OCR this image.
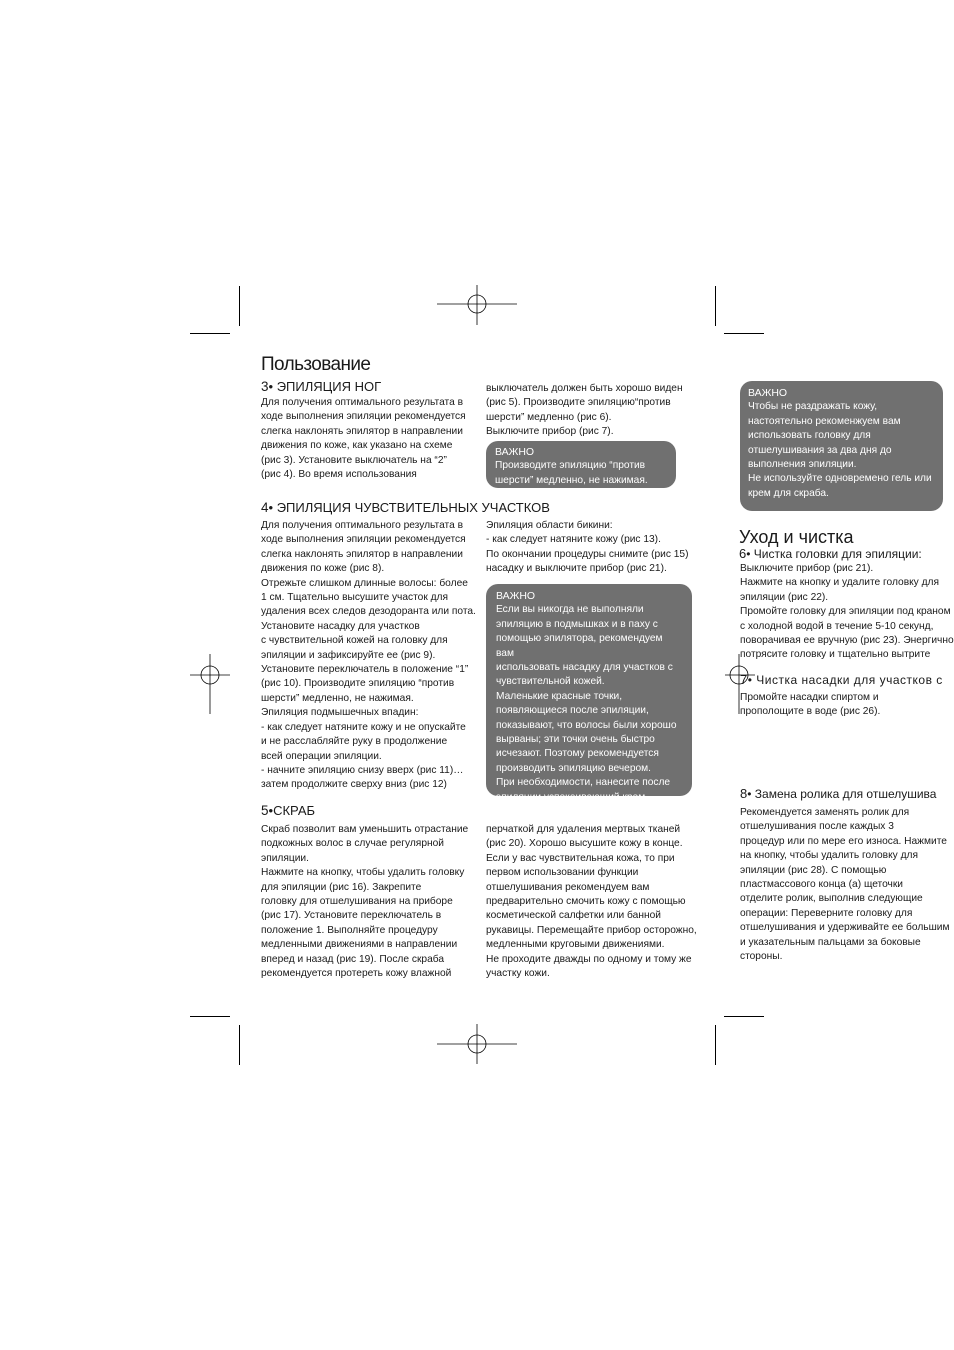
Пользование
3• ЭПИЛЯЦИЯ НОГ

Для получения оптимального результата в

ходе выполнения эпиляции рекомендуется

слегка наклонять эпилятор в направлении

движения по коже, как указано на схеме

(рис 3). Установите выключатель на “2”

(рис 4). Во время использования

выключатель должен быть хорошо виден

(рис 5). Производите эпиляцию“против

шерсти” медленно (рис 6).

Выключите прибор (рис 7).

ВАЖНО
Производите эпиляцию “против
шерсти” медленно, не нажимая.
4• ЭПИЛЯЦИЯ ЧУВСТВИТЕЛЬНЫХ УЧАСТКОВ

Для получения оптимального результата в

ходе выполнения эпиляции рекомендуется

слегка наклонять эпилятор в направлении

движения по коже (рис 8).

Отрежьте слишком длинные волосы: более

1 см. Тщательно высушите участок для

удаления всех следов дезодоранта или пота.

Установите насадку для участков

с чувствительной кожей на головку для

эпиляции и зафиксируйте ее (рис 9).

Установите переключатель в положение “1”

(рис 10). Производите эпиляцию “против

шерсти” медленно, не нажимая.

Эпиляция подмышечных впадин:

- как следует натяните кожу и не опускайте

и не расслабляйте руку в продолжение

всей операции эпиляции.

- начните эпиляцию снизу вверх (рис 11)…

затем продолжите сверху вниз (рис 12)

Эпиляция области бикини:

- как следует натяните кожу (рис 13).

По окончании процедуры снимите (рис 15)

насадку и выключите прибор (рис 21).

ВАЖНО
Если вы никогда не выполняли
эпиляцию в подмышках и в паху с
помощью эпилятора, рекомендуем вам
использовать насадку для участков с
чувствительной кожей.
Маленькие красные точки,
появляющиеся после эпиляции,
показывают, что волосы были хорошо
вырваны; эти точки очень быстро
исчезают. Поэтому рекомендуется
производить эпиляцию вечером.
При необходимости, нанесите после
эпиляции успокаивающий крем.
5•СКРАБ

Скраб позволит вам уменьшить отрастание

подкожных волос в случае регулярной

эпиляции.

Нажмите на кнопку, чтобы удалить головку

для эпиляции (рис 16). Закрепите

головку для отшелушивания на приборе

(рис 17). Установите переключатель в

положение 1. Выполняйте процедуру

медленными движениями в направлении

вперед и назад (рис 19). После скраба

рекомендуется протереть кожу влажной

перчаткой для удаления мертвых тканей

(рис 20). Хорошо высушите кожу в конце.

Если у вас чувствительная кожа, то при

первом использовании функции

отшелушивания рекомендуем вам

предварительно смочить кожу с помощью

косметической салфетки или банной

рукавицы. Перемещайте прибор осторожно,

медленными круговыми движениями.

Не проходите дважды по одному и тому же

участку кожи.

ВАЖНО
Чтобы не раздражать кожу,
настоятельно рекоменжуем вам
использовать головку для
отшелушивания за два дня до
выполнения эпиляции.
Не используйте одновремено гель или
крем для скраба.
Уход и чистка
6• Чистка головки для эпиляции:

Выключите прибор (рис 21).

Нажмите на кнопку и удалите головку для

эпиляции (рис 22).

Промойте головку для эпиляции под краном

с холодной водой в течение 5-10 секунд,

поворачивая ее вручную (рис 23). Энергично

потрясите головку и тщательно вытрите

7• Чистка насадки для участков с

Промойте насадки спиртом и

прополощите в воде (рис 26).

8• Замена ролика для отшелушива

Рекомендуется заменять ролик для

отшелушивания после каждых 3

процедур или по мере его износа. Нажмите

на кнопку, чтобы удалить головку для

эпиляции (рис 28). С помощью

пластмассового конца (a) щеточки

отделите ролик, выполнив следующие

операции: Переверните головку для

отшелушивания и удерживайте ее большим

и указательным пальцами за боковые

стороны.
